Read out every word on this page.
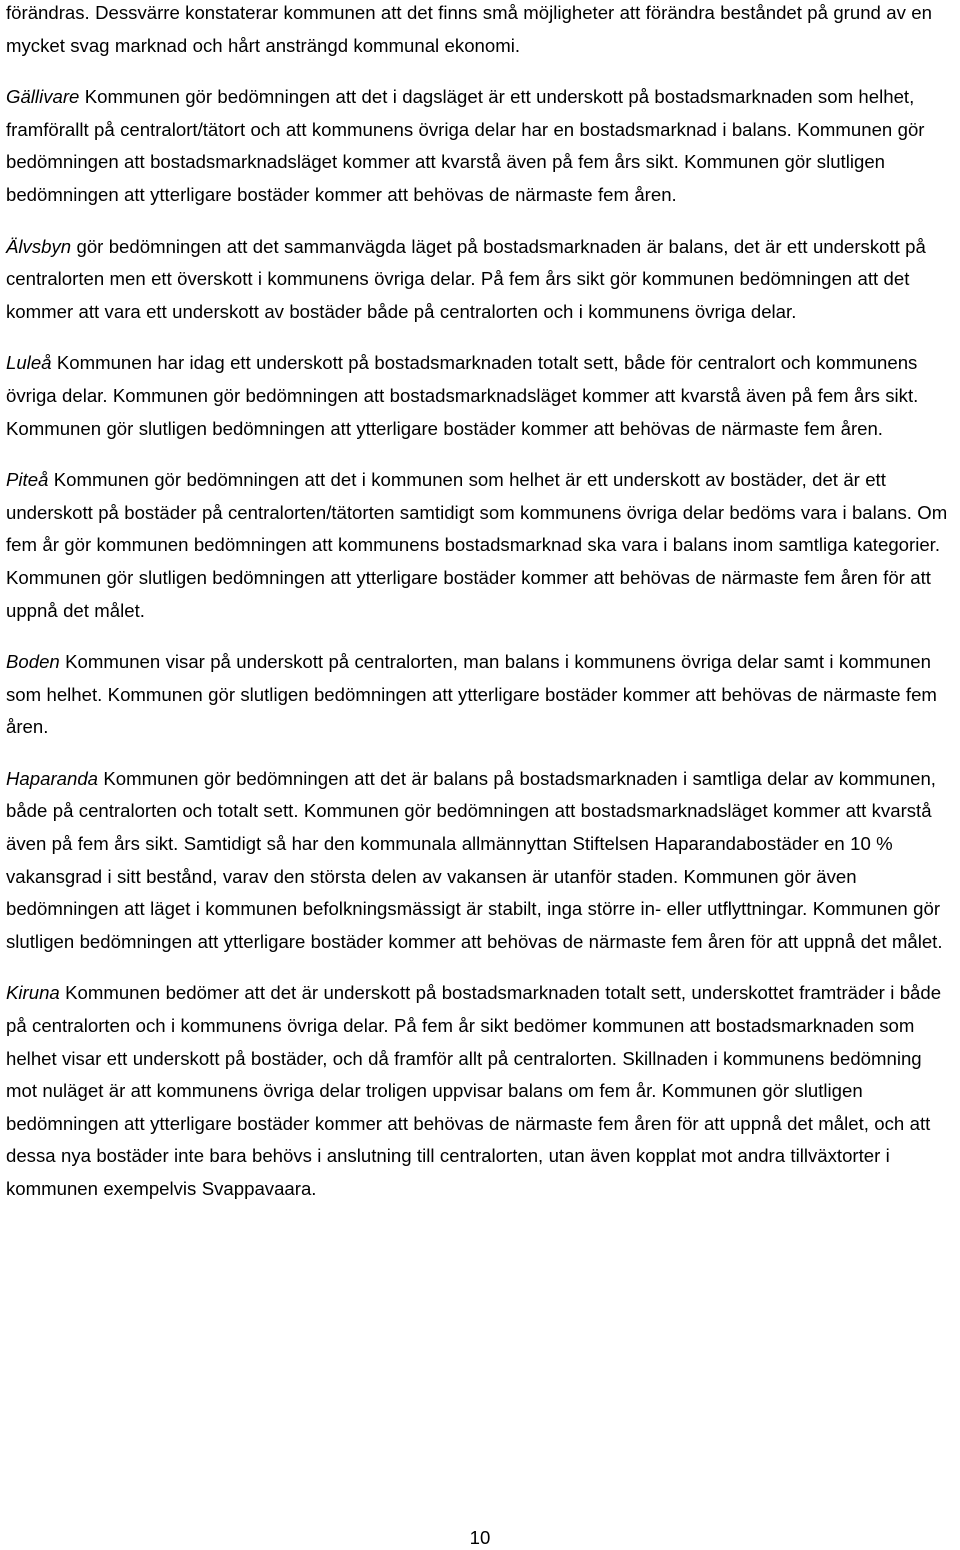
förändras. Dessvärre konstaterar kommunen att det finns små möjligheter att förändra beståndet på grund av en mycket svag marknad och hårt ansträngd kommunal ekonomi.

Gällivare Kommunen gör bedömningen att det i dagsläget är ett underskott på bostadsmarknaden som helhet, framförallt på centralort/tätort och att kommunens övriga delar har en bostadsmarknad i balans. Kommunen gör bedömningen att bostadsmarknadsläget kommer att kvarstå även på fem års sikt. Kommunen gör slutligen bedömningen att ytterligare bostäder kommer att behövas de närmaste fem åren.

Älvsbyn gör bedömningen att det sammanvägda läget på bostadsmarknaden är balans, det är ett underskott på centralorten men ett överskott i kommunens övriga delar. På fem års sikt gör kommunen bedömningen att det kommer att vara ett underskott av bostäder både på centralorten och i kommunens övriga delar.

Luleå Kommunen har idag ett underskott på bostadsmarknaden totalt sett, både för centralort och kommunens övriga delar. Kommunen gör bedömningen att bostadsmarknadsläget kommer att kvarstå även på fem års sikt. Kommunen gör slutligen bedömningen att ytterligare bostäder kommer att behövas de närmaste fem åren.

Piteå Kommunen gör bedömningen att det i kommunen som helhet är ett underskott av bostäder, det är ett underskott på bostäder på centralorten/tätorten samtidigt som kommunens övriga delar bedöms vara i balans. Om fem år gör kommunen bedömningen att kommunens bostadsmarknad ska vara i balans inom samtliga kategorier. Kommunen gör slutligen bedömningen att ytterligare bostäder kommer att behövas de närmaste fem åren för att uppnå det målet.

Boden Kommunen visar på underskott på centralorten, man balans i kommunens övriga delar samt i kommunen som helhet. Kommunen gör slutligen bedömningen att ytterligare bostäder kommer att behövas de närmaste fem åren.

Haparanda Kommunen gör bedömningen att det är balans på bostadsmarknaden i samtliga delar av kommunen, både på centralorten och totalt sett. Kommunen gör bedömningen att bostadsmarknadsläget kommer att kvarstå även på fem års sikt. Samtidigt så har den kommunala allmännyttan Stiftelsen Haparandabostäder en 10 % vakansgrad i sitt bestånd, varav den största delen av vakansen är utanför staden. Kommunen gör även bedömningen att läget i kommunen befolkningsmässigt är stabilt, inga större in- eller utflyttningar. Kommunen gör slutligen bedömningen att ytterligare bostäder kommer att behövas de närmaste fem åren för att uppnå det målet.

Kiruna Kommunen bedömer att det är underskott på bostadsmarknaden totalt sett, underskottet framträder i både på centralorten och i kommunens övriga delar. På fem år sikt bedömer kommunen att bostadsmarknaden som helhet visar ett underskott på bostäder, och då framför allt på centralorten. Skillnaden i kommunens bedömning mot nuläget är att kommunens övriga delar troligen uppvisar balans om fem år. Kommunen gör slutligen bedömningen att ytterligare bostäder kommer att behövas de närmaste fem åren för att uppnå det målet, och att dessa nya bostäder inte bara behövs i anslutning till centralorten, utan även kopplat mot andra tillväxtorter i kommunen exempelvis Svappavaara.

10
